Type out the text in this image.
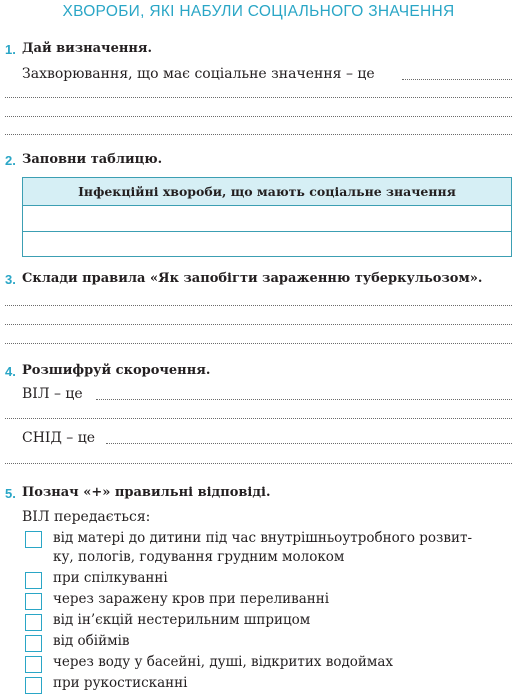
ХВОРОБИ, ЯКІ НАБУЛИ СОЦІАЛЬНОГО ЗНАЧЕННЯ
1. Дай визначення.
Захворювання, що має соціальне значення – це
2. Заповни таблицю.
Інфекційні хвороби, що мають соціальне значення
3. Склади правила «Як запобігти зараженню туберкульозом».
4. Розшифруй скорочення.
ВІЛ – це
СНІД – це
5. Познач «+» правильні відповіді.
ВІЛ передається:
від матері до дитини під час внутрішньоутробного розвит-
ку, пологів, годування грудним молоком
при спілкуванні
через заражену кров при переливанні
від ін’єкцій нестерильним шприцом
від обіймів
через воду у басейні, душі, відкритих водоймах
при рукостисканні
